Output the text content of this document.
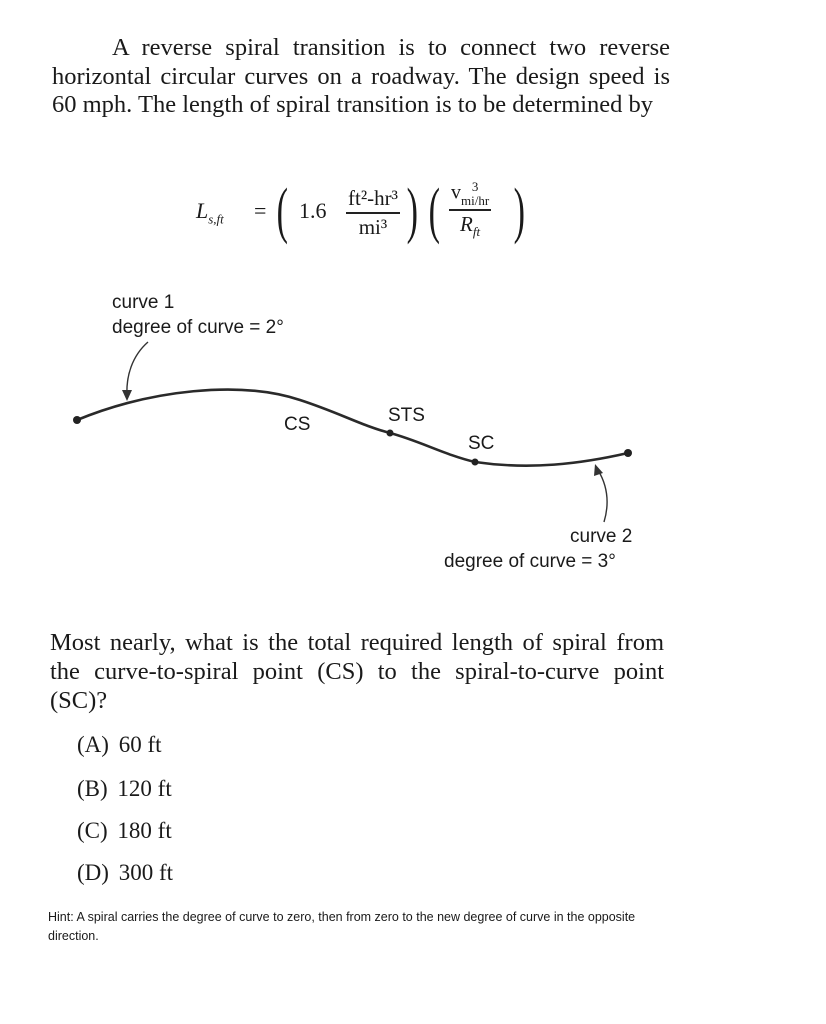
A reverse spiral transition is to connect two reverse horizontal circular curves on a roadway. The design speed is 60 mph. The length of spiral transition is to be determined by

$L_{s,ft}$ = ( 1.6 ft²-hr³
mi³ ) ( v 3
mi/hr
$R_{ft}$ )
curve 1
degree of curve = 2°
CS	STS
SC
curve 2
degree of curve = 3°

Most nearly, what is the total required length of spiral from the curve-to-spiral point (CS) to the spiral-to-curve point (SC)?

(A) 60 ft
(B) 120 ft
(C) 180 ft
(D) 300 ft

Hint: A spiral carries the degree of curve to zero, then from zero to the new degree of curve in the opposite direction.
